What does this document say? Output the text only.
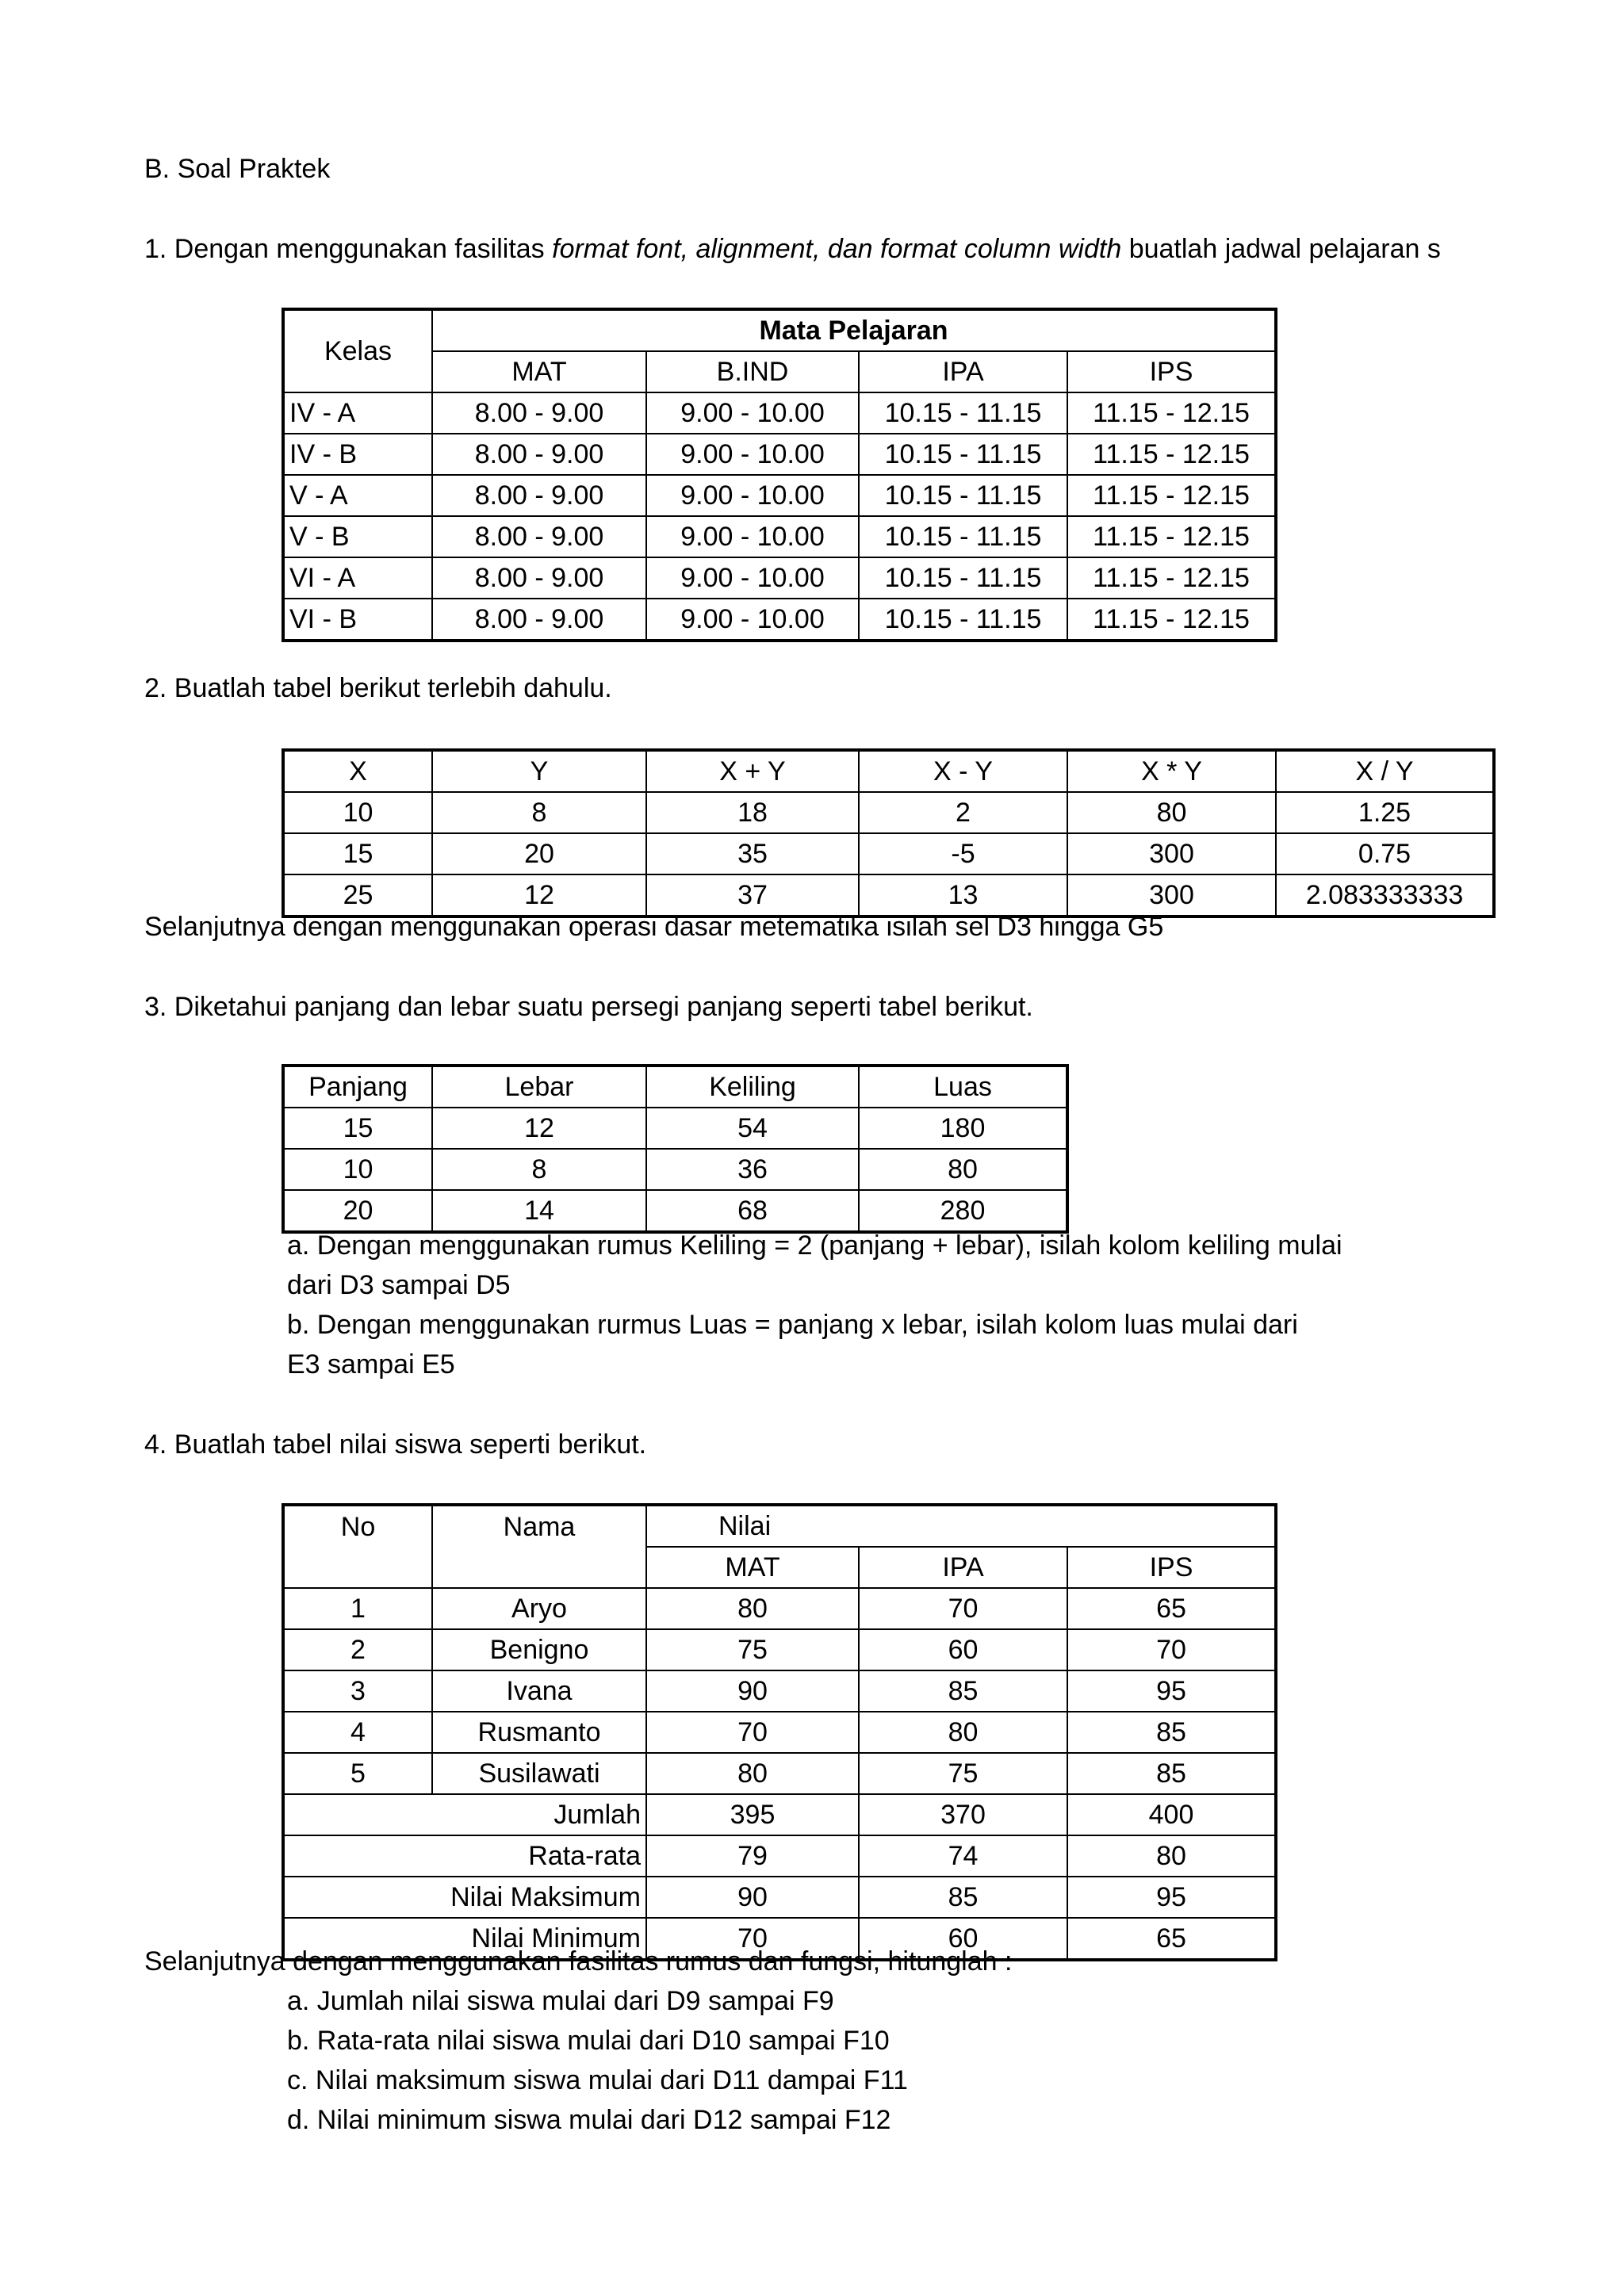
B. Soal Praktek
1. Dengan menggunakan fasilitas format font, alignment, dan format column width buatlah jadwal pelajaran s
Kelas	Mata Pelajaran			
	MAT	B.IND	IPA	IPS
IV - A	8.00 - 9.00	9.00 - 10.00	10.15 - 11.15	11.15 - 12.15
IV - B	8.00 - 9.00	9.00 - 10.00	10.15 - 11.15	11.15 - 12.15
V - A	8.00 - 9.00	9.00 - 10.00	10.15 - 11.15	11.15 - 12.15
V - B	8.00 - 9.00	9.00 - 10.00	10.15 - 11.15	11.15 - 12.15
VI - A	8.00 - 9.00	9.00 - 10.00	10.15 - 11.15	11.15 - 12.15
VI - B	8.00 - 9.00	9.00 - 10.00	10.15 - 11.15	11.15 - 12.15
2. Buatlah tabel berikut terlebih dahulu.
X	Y	X + Y	X - Y	X * Y	X / Y
10	8	18	2	80	1.25
15	20	35	-5	300	0.75
25	12	37	13	300	2.083333333
Selanjutnya dengan menggunakan operasi dasar metematika isilah sel D3 hingga G5
3. Diketahui panjang dan lebar suatu persegi panjang seperti tabel berikut.
Panjang	Lebar	Keliling	Luas
15	12	54	180
10	8	36	80
20	14	68	280
a. Dengan menggunakan rumus Keliling = 2 (panjang + lebar), isilah kolom keliling mulai
dari D3 sampai D5
b. Dengan menggunakan rurmus Luas = panjang x lebar, isilah kolom luas mulai dari
E3 sampai E5
4. Buatlah tabel nilai siswa seperti berikut.
No	Nama	Nilai		
		MAT	IPA	IPS
1	Aryo	80	70	65
2	Benigno	75	60	70
3	Ivana	90	85	95
4	Rusmanto	70	80	85
5	Susilawati	80	75	85
Jumlah		395	370	400
Rata-rata		79	74	80
Nilai Maksimum		90	85	95
Nilai Minimum		70	60	65
Selanjutnya dengan menggunakan fasilitas rumus dan fungsi, hitunglah :
a. Jumlah nilai siswa mulai dari D9 sampai F9
b. Rata-rata nilai siswa mulai dari D10 sampai F10
c. Nilai maksimum siswa mulai dari D11 dampai F11
d. Nilai minimum siswa mulai dari D12 sampai F12
